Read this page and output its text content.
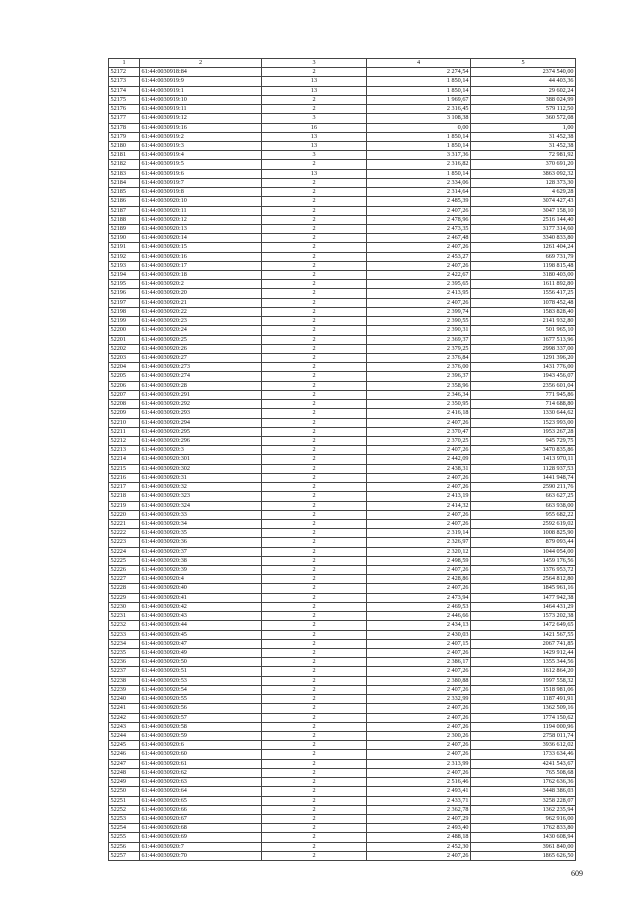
1	2	3	4	5
52172	61:44:0030918:84	2	2 274,54	2374 540,00
52173	61:44:0030919:9	13	1 850,14	44 403,36
52174	61:44:0030919:1	13	1 850,14	29 602,24
52175	61:44:0030919:10	2	1 969,67	388 024,99
52176	61:44:0030919:11	2	2 316,45	579 112,50
52177	61:44:0030919:12	3	3 108,38	360 572,08
52178	61:44:0030919:16	16	0,00	1,00
52179	61:44:0030919:2	13	1 850,14	31 452,38
52180	61:44:0030919:3	13	1 850,14	31 452,38
52181	61:44:0030919:4	3	3 317,36	72 981,92
52182	61:44:0030919:5	2	2 316,82	370 691,20
52183	61:44:0030919:6	13	1 850,14	3863 092,32
52184	61:44:0030919:7	2	2 334,06	128 373,30
52185	61:44:0030919:8	2	2 314,64	4 629,28
52186	61:44:0030920:10	2	2 485,39	3074 427,43
52187	61:44:0030920:11	2	2 407,26	3047 158,10
52188	61:44:0030920:12	2	2 478,96	2516 144,40
52189	61:44:0030920:13	2	2 473,35	3177 314,60
52190	61:44:0030920:14	2	2 467,48	3340 833,80
52191	61:44:0030920:15	2	2 407,26	1261 404,24
52192	61:44:0030920:16	2	2 453,27	669 731,79
52193	61:44:0030920:17	2	2 407,26	1198 815,48
52194	61:44:0030920:18	2	2 422,67	3180 403,00
52195	61:44:0030920:2	2	2 395,65	1611 892,80
52196	61:44:0030920:20	2	2 413,95	1556 417,25
52197	61:44:0030920:21	2	2 407,26	1078 452,48
52198	61:44:0030920:22	2	2 399,74	1583 828,40
52199	61:44:0030920:23	2	2 390,55	2141 932,80
52200	61:44:0030920:24	2	2 390,31	501 965,10
52201	61:44:0030920:25	2	2 369,37	1677 513,96
52202	61:44:0030920:26	2	2 379,25	2998 337,00
52203	61:44:0030920:27	2	2 376,84	1291 396,20
52204	61:44:0030920:273	2	2 376,00	1431 776,00
52205	61:44:0030920:274	2	2 396,37	1943 456,07
52206	61:44:0030920:28	2	2 358,96	2356 601,04
52207	61:44:0030920:291	2	2 346,34	771 945,86
52208	61:44:0030920:292	2	2 350,95	714 688,80
52209	61:44:0030920:293	2	2 416,18	1330 644,62
52210	61:44:0030920:294	2	2 407,26	1523 993,00
52211	61:44:0030920:295	2	2 370,47	1953 267,28
52212	61:44:0030920:296	2	2 370,25	945 729,75
52213	61:44:0030920:3	2	2 407,26	3470 835,86
52214	61:44:0030920:301	2	2 442,09	1413 970,11
52215	61:44:0030920:302	2	2 438,31	1128 937,53
52216	61:44:0030920:31	2	2 407,26	1441 948,74
52217	61:44:0030920:32	2	2 407,26	2590 211,76
52218	61:44:0030920:323	2	2 413,19	663 627,25
52219	61:44:0030920:324	2	2 414,32	663 938,00
52220	61:44:0030920:33	2	2 407,26	955 682,22
52221	61:44:0030920:34	2	2 407,26	2592 619,02
52222	61:44:0030920:35	2	2 319,14	1008 825,90
52223	61:44:0030920:36	2	2 326,97	879 093,44
52224	61:44:0030920:37	2	2 320,12	1044 054,00
52225	61:44:0030920:38	2	2 498,59	1459 176,56
52226	61:44:0030920:39	2	2 407,26	1376 953,72
52227	61:44:0030920:4	2	2 428,86	2564 812,80
52228	61:44:0030920:40	2	2 407,26	1845 961,16
52229	61:44:0030920:41	2	2 473,94	1477 942,38
52230	61:44:0030920:42	2	2 469,53	1464 431,29
52231	61:44:0030920:43	2	2 446,66	1573 202,38
52232	61:44:0030920:44	2	2 434,13	1472 649,65
52233	61:44:0030920:45	2	2 430,03	1421 567,55
52234	61:44:0030920:47	2	2 407,15	2067 741,85
52235	61:44:0030920:49	2	2 407,26	1429 912,44
52236	61:44:0030920:50	2	2 386,17	1355 344,56
52237	61:44:0030920:51	2	2 407,26	1612 864,20
52238	61:44:0030920:53	2	2 380,88	1997 558,32
52239	61:44:0030920:54	2	2 407,26	1518 981,06
52240	61:44:0030920:55	2	2 332,99	1187 491,91
52241	61:44:0030920:56	2	2 407,26	1362 509,16
52242	61:44:0030920:57	2	2 407,26	1774 150,62
52243	61:44:0030920:58	2	2 407,26	1194 000,96
52244	61:44:0030920:59	2	2 300,26	2758 011,74
52245	61:44:0030920:6	2	2 407,26	3936 612,02
52246	61:44:0030920:60	2	2 407,26	1733 634,46
52247	61:44:0030920:61	2	2 313,99	4241 543,67
52248	61:44:0030920:62	2	2 407,26	765 508,68
52249	61:44:0030920:63	2	2 516,46	1762 636,36
52250	61:44:0030920:64	2	2 493,41	3448 386,03
52251	61:44:0030920:65	2	2 433,71	3258 228,07
52252	61:44:0030920:66	2	2 362,78	1362 235,94
52253	61:44:0030920:67	2	2 407,29	962 916,00
52254	61:44:0030920:68	2	2 493,40	1762 833,80
52255	61:44:0030920:69	2	2 488,18	1430 608,94
52256	61:44:0030920:7	2	2 452,30	3961 840,00
52257	61:44:0030920:70	2	2 407,26	1865 626,50
609
